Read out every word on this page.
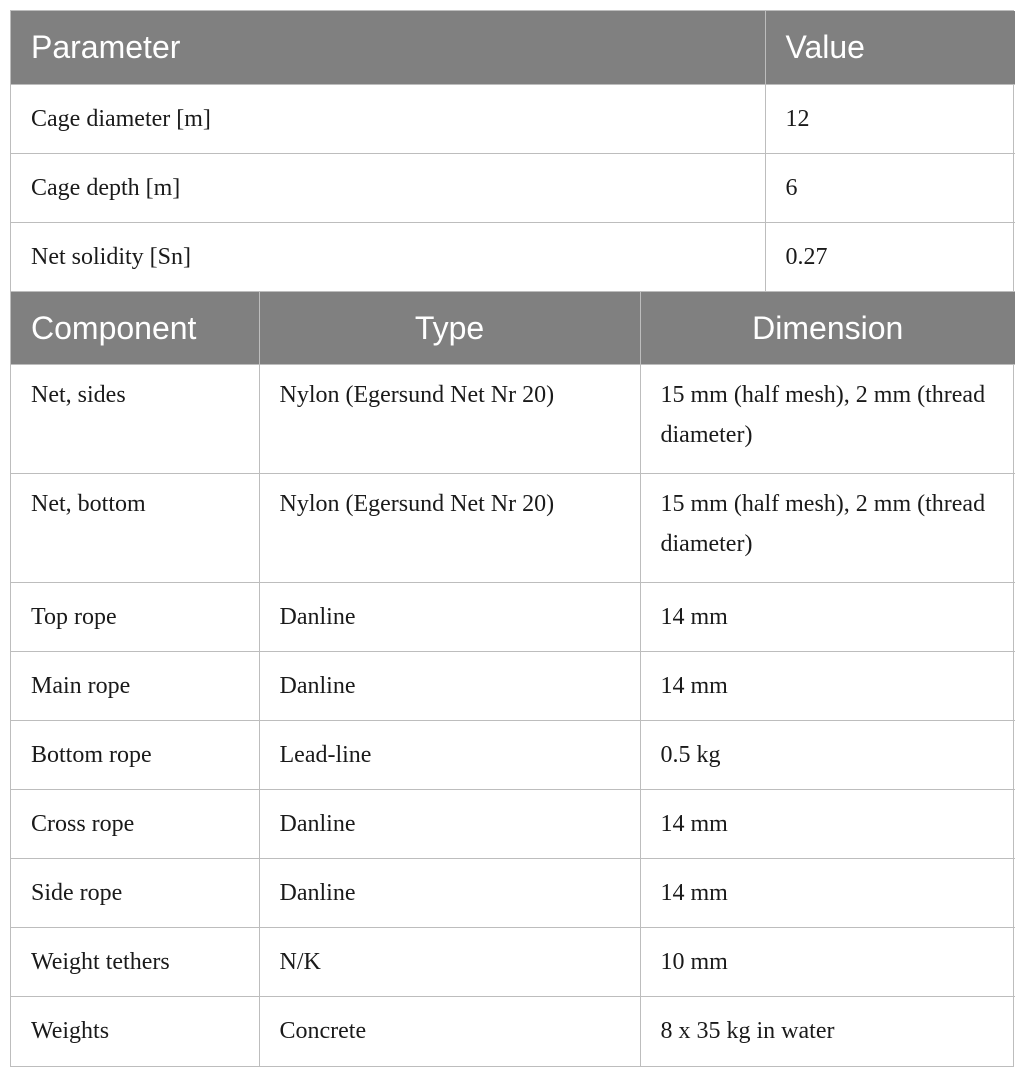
Parameter	Value
Cage diameter [m]	12
Cage depth [m]	6
Net solidity [Sn]	0.27
Component	Type	Dimension
Net, sides	Nylon (Egersund Net Nr 20)	15 mm (half mesh), 2 mm (thread diameter)
Net, bottom	Nylon (Egersund Net Nr 20)	15 mm (half mesh), 2 mm (thread diameter)
Top rope	Danline	14 mm
Main rope	Danline	14 mm
Bottom rope	Lead-line	0.5 kg
Cross rope	Danline	14 mm
Side rope	Danline	14 mm
Weight tethers	N/K	10 mm
Weights	Concrete	8 x 35 kg in water
